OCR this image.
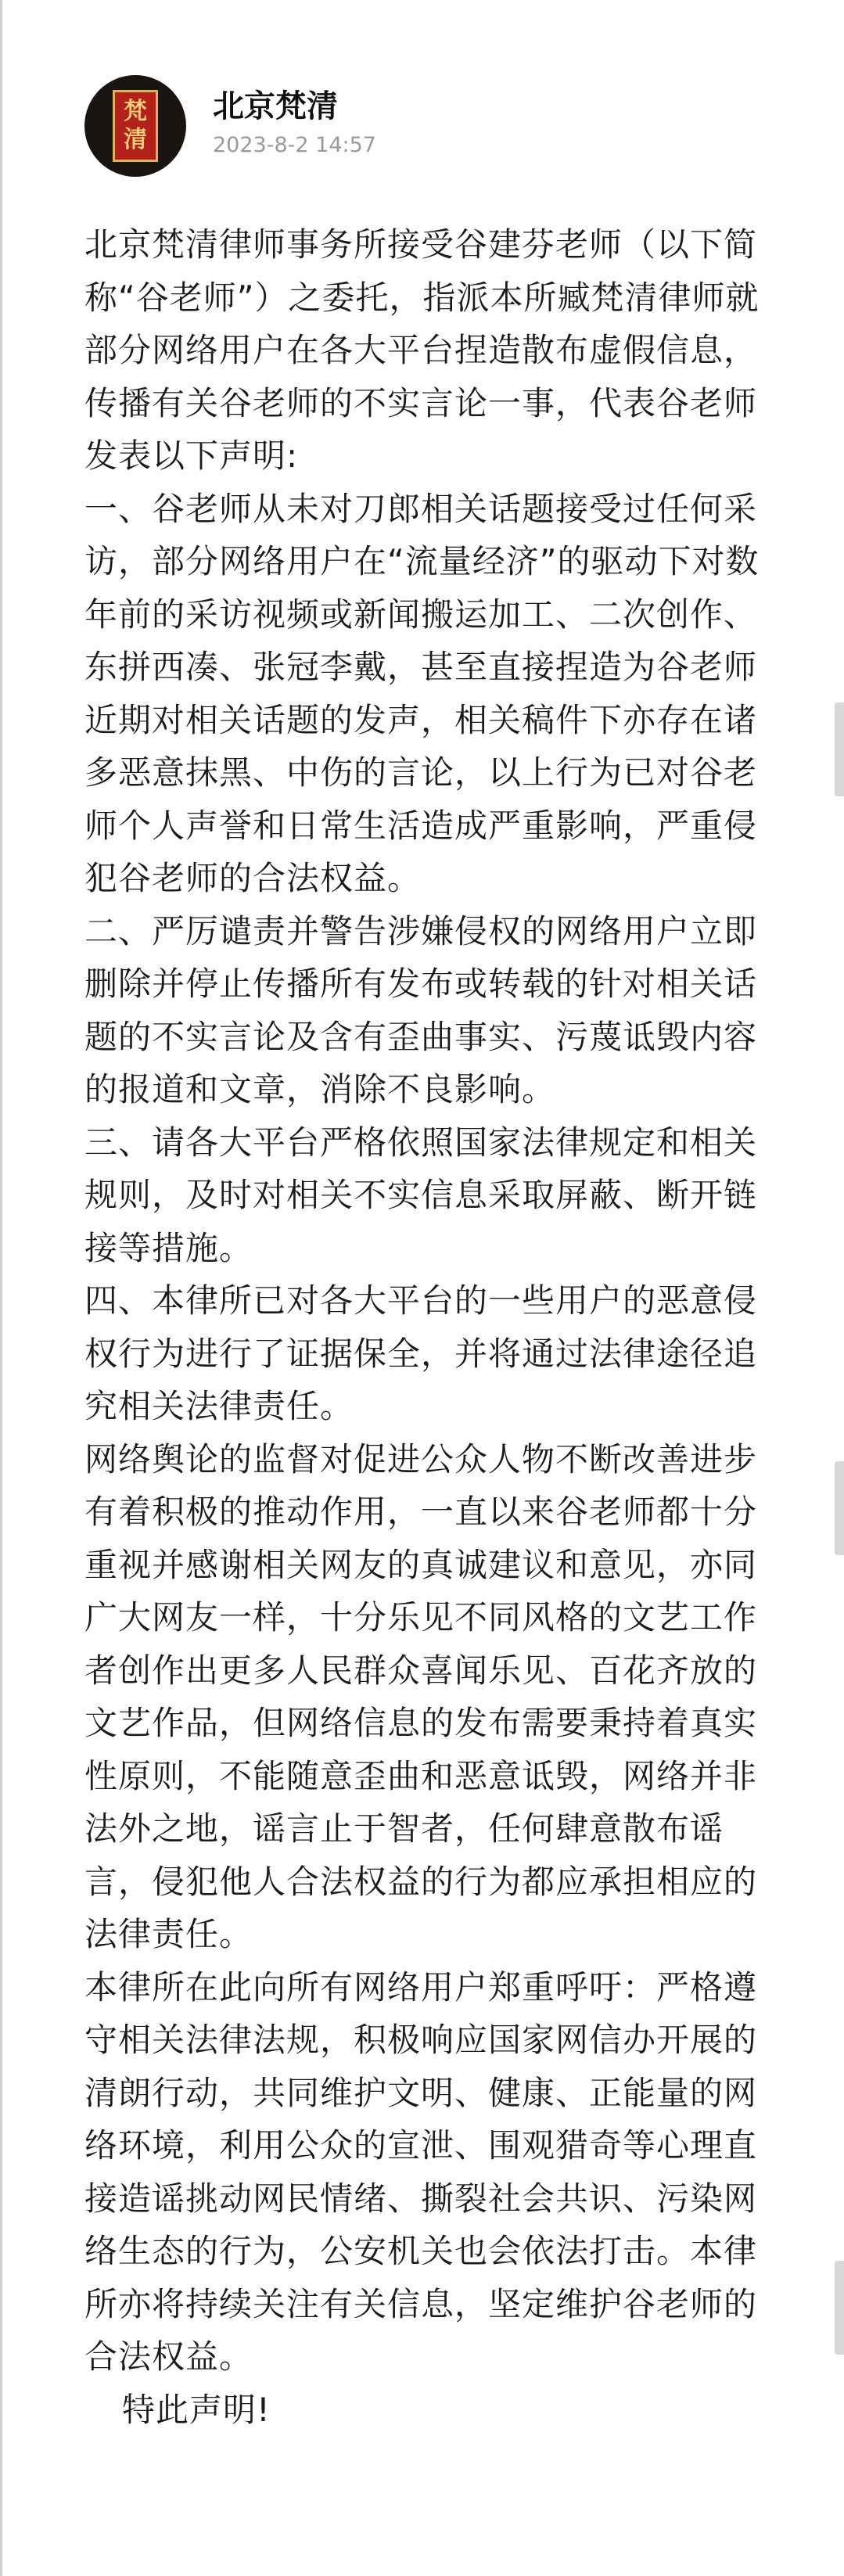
梵
清
北京梵清
2023-8-2 14:57

北京梵清律师事务所接受谷建芬老师（以下简称“谷老师”）之委托，指派本所臧梵清律师就部分网络用户在各大平台捏造散布虚假信息，传播有关谷老师的不实言论一事，代表谷老师发表以下声明:

一、谷老师从未对刀郎相关话题接受过任何采访，部分网络用户在“流量经济”的驱动下对数年前的采访视频或新闻搬运加工、二次创作、东拼西凑、张冠李戴，甚至直接捏造为谷老师近期对相关话题的发声，相关稿件下亦存在诸多恶意抹黑、中伤的言论，以上行为已对谷老师个人声誉和日常生活造成严重影响，严重侵犯谷老师的合法权益。

二、严厉谴责并警告涉嫌侵权的网络用户立即删除并停止传播所有发布或转载的针对相关话题的不实言论及含有歪曲事实、污蔑诋毁内容的报道和文章，消除不良影响。

三、请各大平台严格依照国家法律规定和相关规则，及时对相关不实信息采取屏蔽、断开链接等措施。

四、本律所已对各大平台的一些用户的恶意侵权行为进行了证据保全，并将通过法律途径追究相关法律责任。

网络舆论的监督对促进公众人物不断改善进步有着积极的推动作用，一直以来谷老师都十分重视并感谢相关网友的真诚建议和意见，亦同广大网友一样，十分乐见不同风格的文艺工作者创作出更多人民群众喜闻乐见、百花齐放的文艺作品，但网络信息的发布需要秉持着真实性原则，不能随意歪曲和恶意诋毁，网络并非法外之地，谣言止于智者，任何肆意散布谣言，侵犯他人合法权益的行为都应承担相应的法律责任。

本律所在此向所有网络用户郑重呼吁：严格遵守相关法律法规，积极响应国家网信办开展的清朗行动，共同维护文明、健康、正能量的网络环境，利用公众的宣泄、围观猎奇等心理直接造谣挑动网民情绪、撕裂社会共识、污染网络生态的行为，公安机关也会依法打击。本律所亦将持续关注有关信息，坚定维护谷老师的合法权益。

特此声明!
